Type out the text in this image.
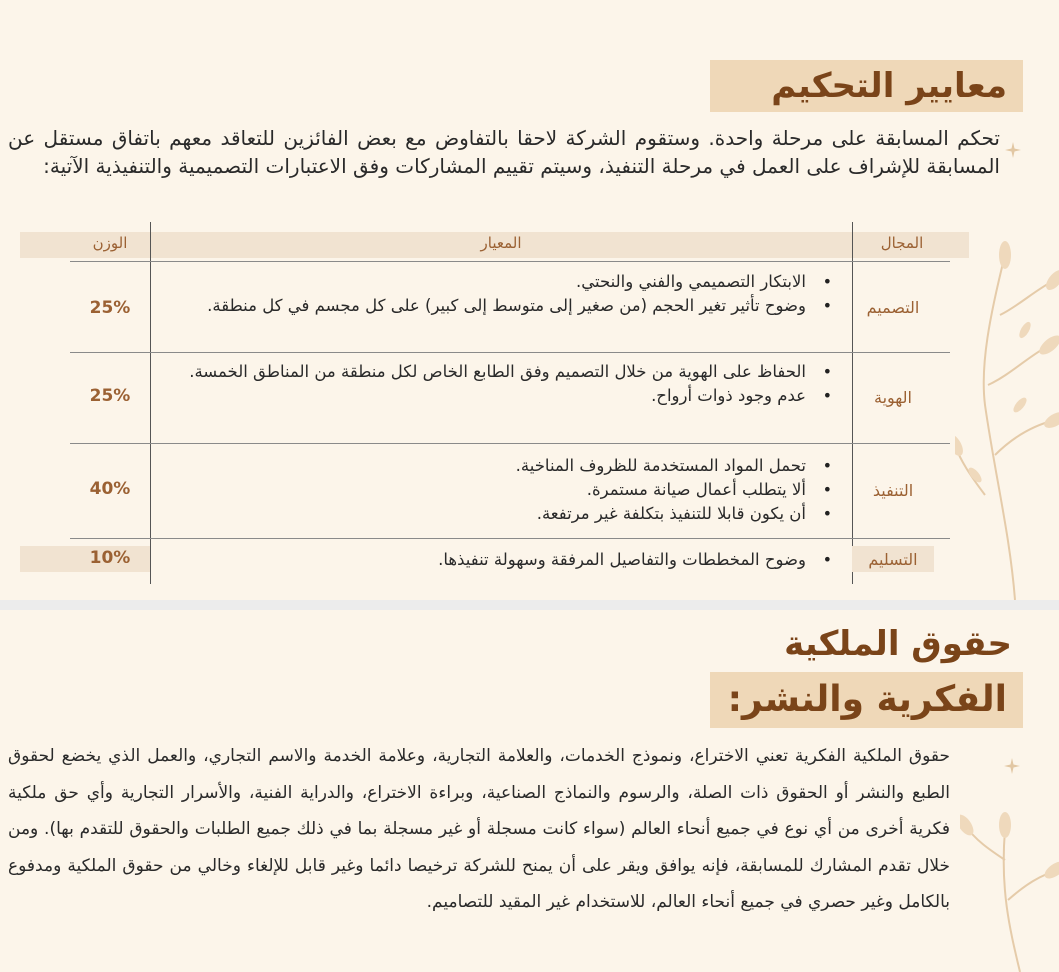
معايير التحكيم
تحكم المسابقة على مرحلة واحدة. وستقوم الشركة لاحقا بالتفاوض مع بعض الفائزين للتعاقد معهم باتفاق مستقل عن المسابقة للإشراف على العمل في مرحلة التنفيذ، وسيتم تقييم المشاركات وفق الاعتبارات التصميمية والتنفيذية الآتية:
المجال
المعيار
الوزن
التصميم
25%
• الابتكار التصميمي والفني والنحتي.
• وضوح تأثير تغير الحجم (من صغير إلى متوسط إلى كبير) على كل مجسم في كل منطقة.
الهوية
25%
• الحفاظ على الهوية من خلال التصميم وفق الطابع الخاص لكل منطقة من المناطق الخمسة.
• عدم وجود ذوات أرواح.
التنفيذ
40%
• تحمل المواد المستخدمة للظروف المناخية.
• ألا يتطلب أعمال صيانة مستمرة.
• أن يكون قابلا للتنفيذ بتكلفة غير مرتفعة.
التسليم
10%
•	وضوح المخططات والتفاصيل المرفقة وسهولة تنفيذها.
حقوق الملكية
الفكرية والنشر:
حقوق الملكية الفكرية تعني الاختراع، ونموذج الخدمات، والعلامة التجارية، وعلامة الخدمة والاسم التجاري، والعمل الذي يخضع لحقوق الطبع والنشر أو الحقوق ذات الصلة، والرسوم والنماذج الصناعية، وبراءة الاختراع، والدراية الفنية، والأسرار التجارية وأي حق ملكية فكرية أخرى من أي نوع في جميع أنحاء العالم (سواء كانت مسجلة أو غير مسجلة بما في ذلك جميع الطلبات والحقوق للتقدم بها). ومن خلال تقدم المشارك للمسابقة، فإنه يوافق ويقر على أن يمنح للشركة ترخيصا دائما وغير قابل للإلغاء وخالي من حقوق الملكية ومدفوع بالكامل وغير حصري في جميع أنحاء العالم، للاستخدام غير المقيد للتصاميم.
